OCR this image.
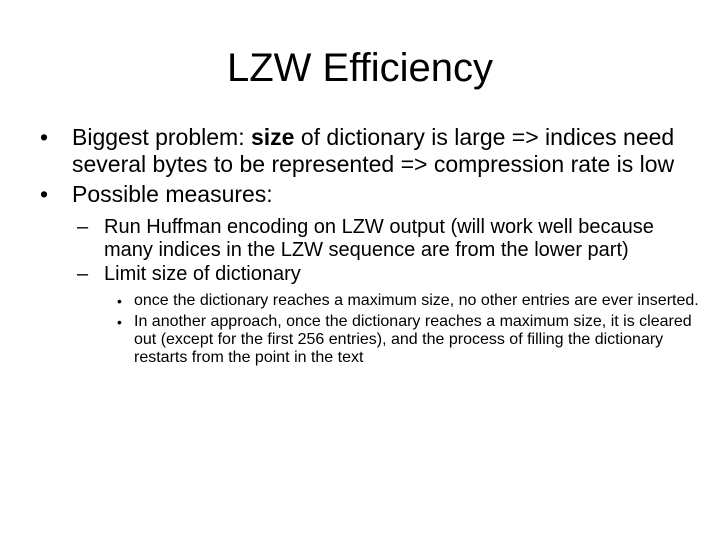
LZW Efficiency
•	Biggest problem: size of dictionary is large => indices need several bytes to be represented => compression rate is low
•	Possible measures:
– Run Huffman encoding on LZW output (will work well because many indices in the LZW sequence are from the lower part)
– Limit size of dictionary
• once the dictionary reaches a maximum size, no other entries are ever inserted.
• In another approach, once the dictionary reaches a maximum size, it is cleared out (except for the first 256 entries), and the process of filling the dictionary restarts from the point in the text
